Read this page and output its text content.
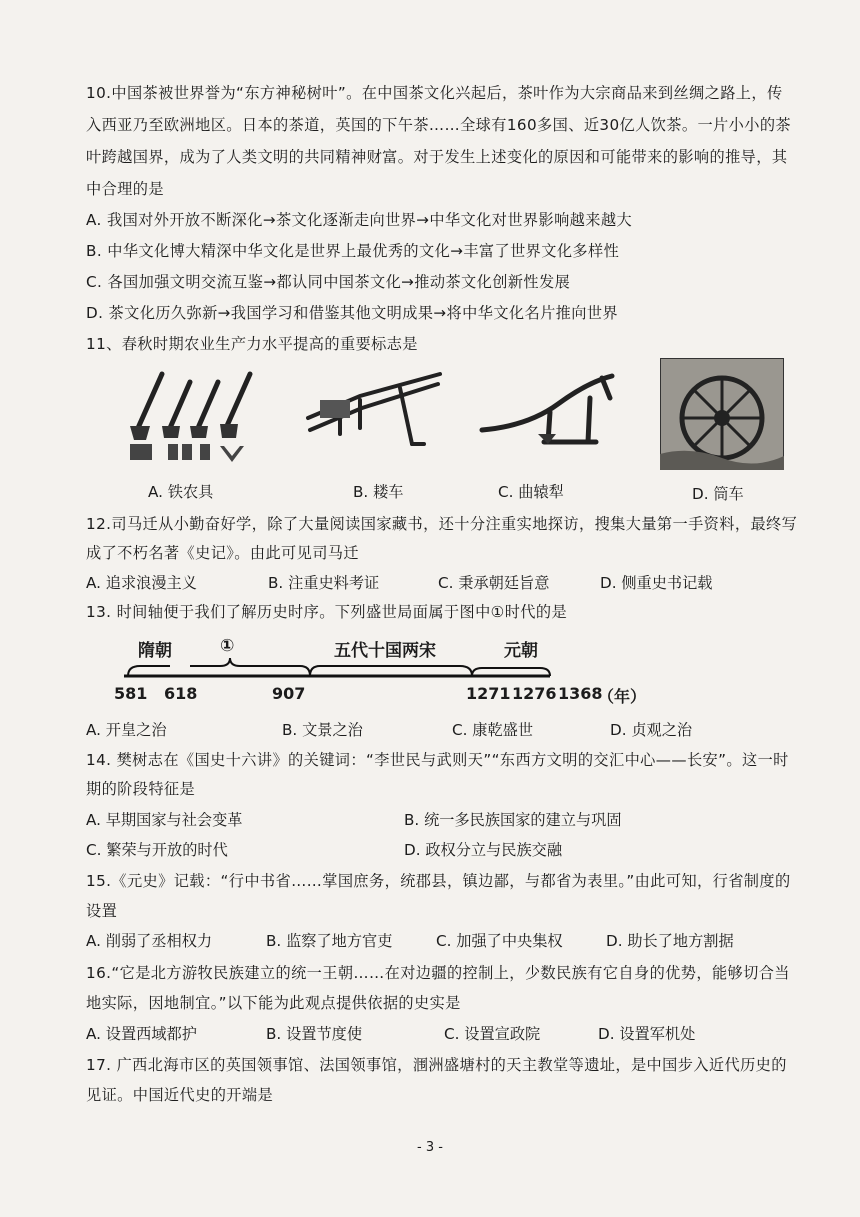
10.中国茶被世界誉为“东方神秘树叶”。在中国茶文化兴起后，茶叶作为大宗商品来到丝绸之路上，传
入西亚乃至欧洲地区。日本的茶道，英国的下午茶……全球有160多国、近30亿人饮茶。一片小小的茶
叶跨越国界，成为了人类文明的共同精神财富。对于发生上述变化的原因和可能带来的影响的推导，其
中合理的是
A. 我国对外开放不断深化→茶文化逐渐走向世界→中华文化对世界影响越来越大
B. 中华文化博大精深中华文化是世界上最优秀的文化→丰富了世界文化多样性
C. 各国加强文明交流互鉴→都认同中国茶文化→推动茶文化创新性发展
D. 茶文化历久弥新→我国学习和借鉴其他文明成果→将中华文化名片推向世界
11、春秋时期农业生产力水平提高的重要标志是
A. 铁农具	B. 耧车	C. 曲辕犁	D. 筒车
12.司马迁从小勤奋好学，除了大量阅读国家藏书，还十分注重实地探访，搜集大量第一手资料，最终写
成了不朽名著《史记》。由此可见司马迁
A. 追求浪漫主义	B. 注重史料考证	C. 秉承朝廷旨意	D. 侧重史书记载
13. 时间轴便于我们了解历史时序。下列盛世局面属于图中①时代的是
隋朝	①	五代十国两宋	元朝
581 618	907	1271 1276 1368
（年）
A. 开皇之治	B. 文景之治	C. 康乾盛世	D. 贞观之治
14. 樊树志在《国史十六讲》的关键词：“李世民与武则天”“东西方文明的交汇中心——长安”。这一时
期的阶段特征是
A. 早期国家与社会变革	B. 统一多民族国家的建立与巩固
C. 繁荣与开放的时代	D. 政权分立与民族交融
15.《元史》记载：“行中书省……掌国庶务，统郡县，镇边鄙，与都省为表里。”由此可知，行省制度的
设置
A. 削弱了丞相权力	B. 监察了地方官吏	C. 加强了中央集权	D. 助长了地方割据
16.“它是北方游牧民族建立的统一王朝……在对边疆的控制上，少数民族有它自身的优势，能够切合当
地实际，因地制宜。”以下能为此观点提供依据的史实是
A. 设置西域都护	B. 设置节度使	C. 设置宣政院	D. 设置军机处
17. 广西北海市区的英国领事馆、法国领事馆，涠洲盛塘村的天主教堂等遗址，是中国步入近代历史的
见证。中国近代史的开端是
- 3 -
